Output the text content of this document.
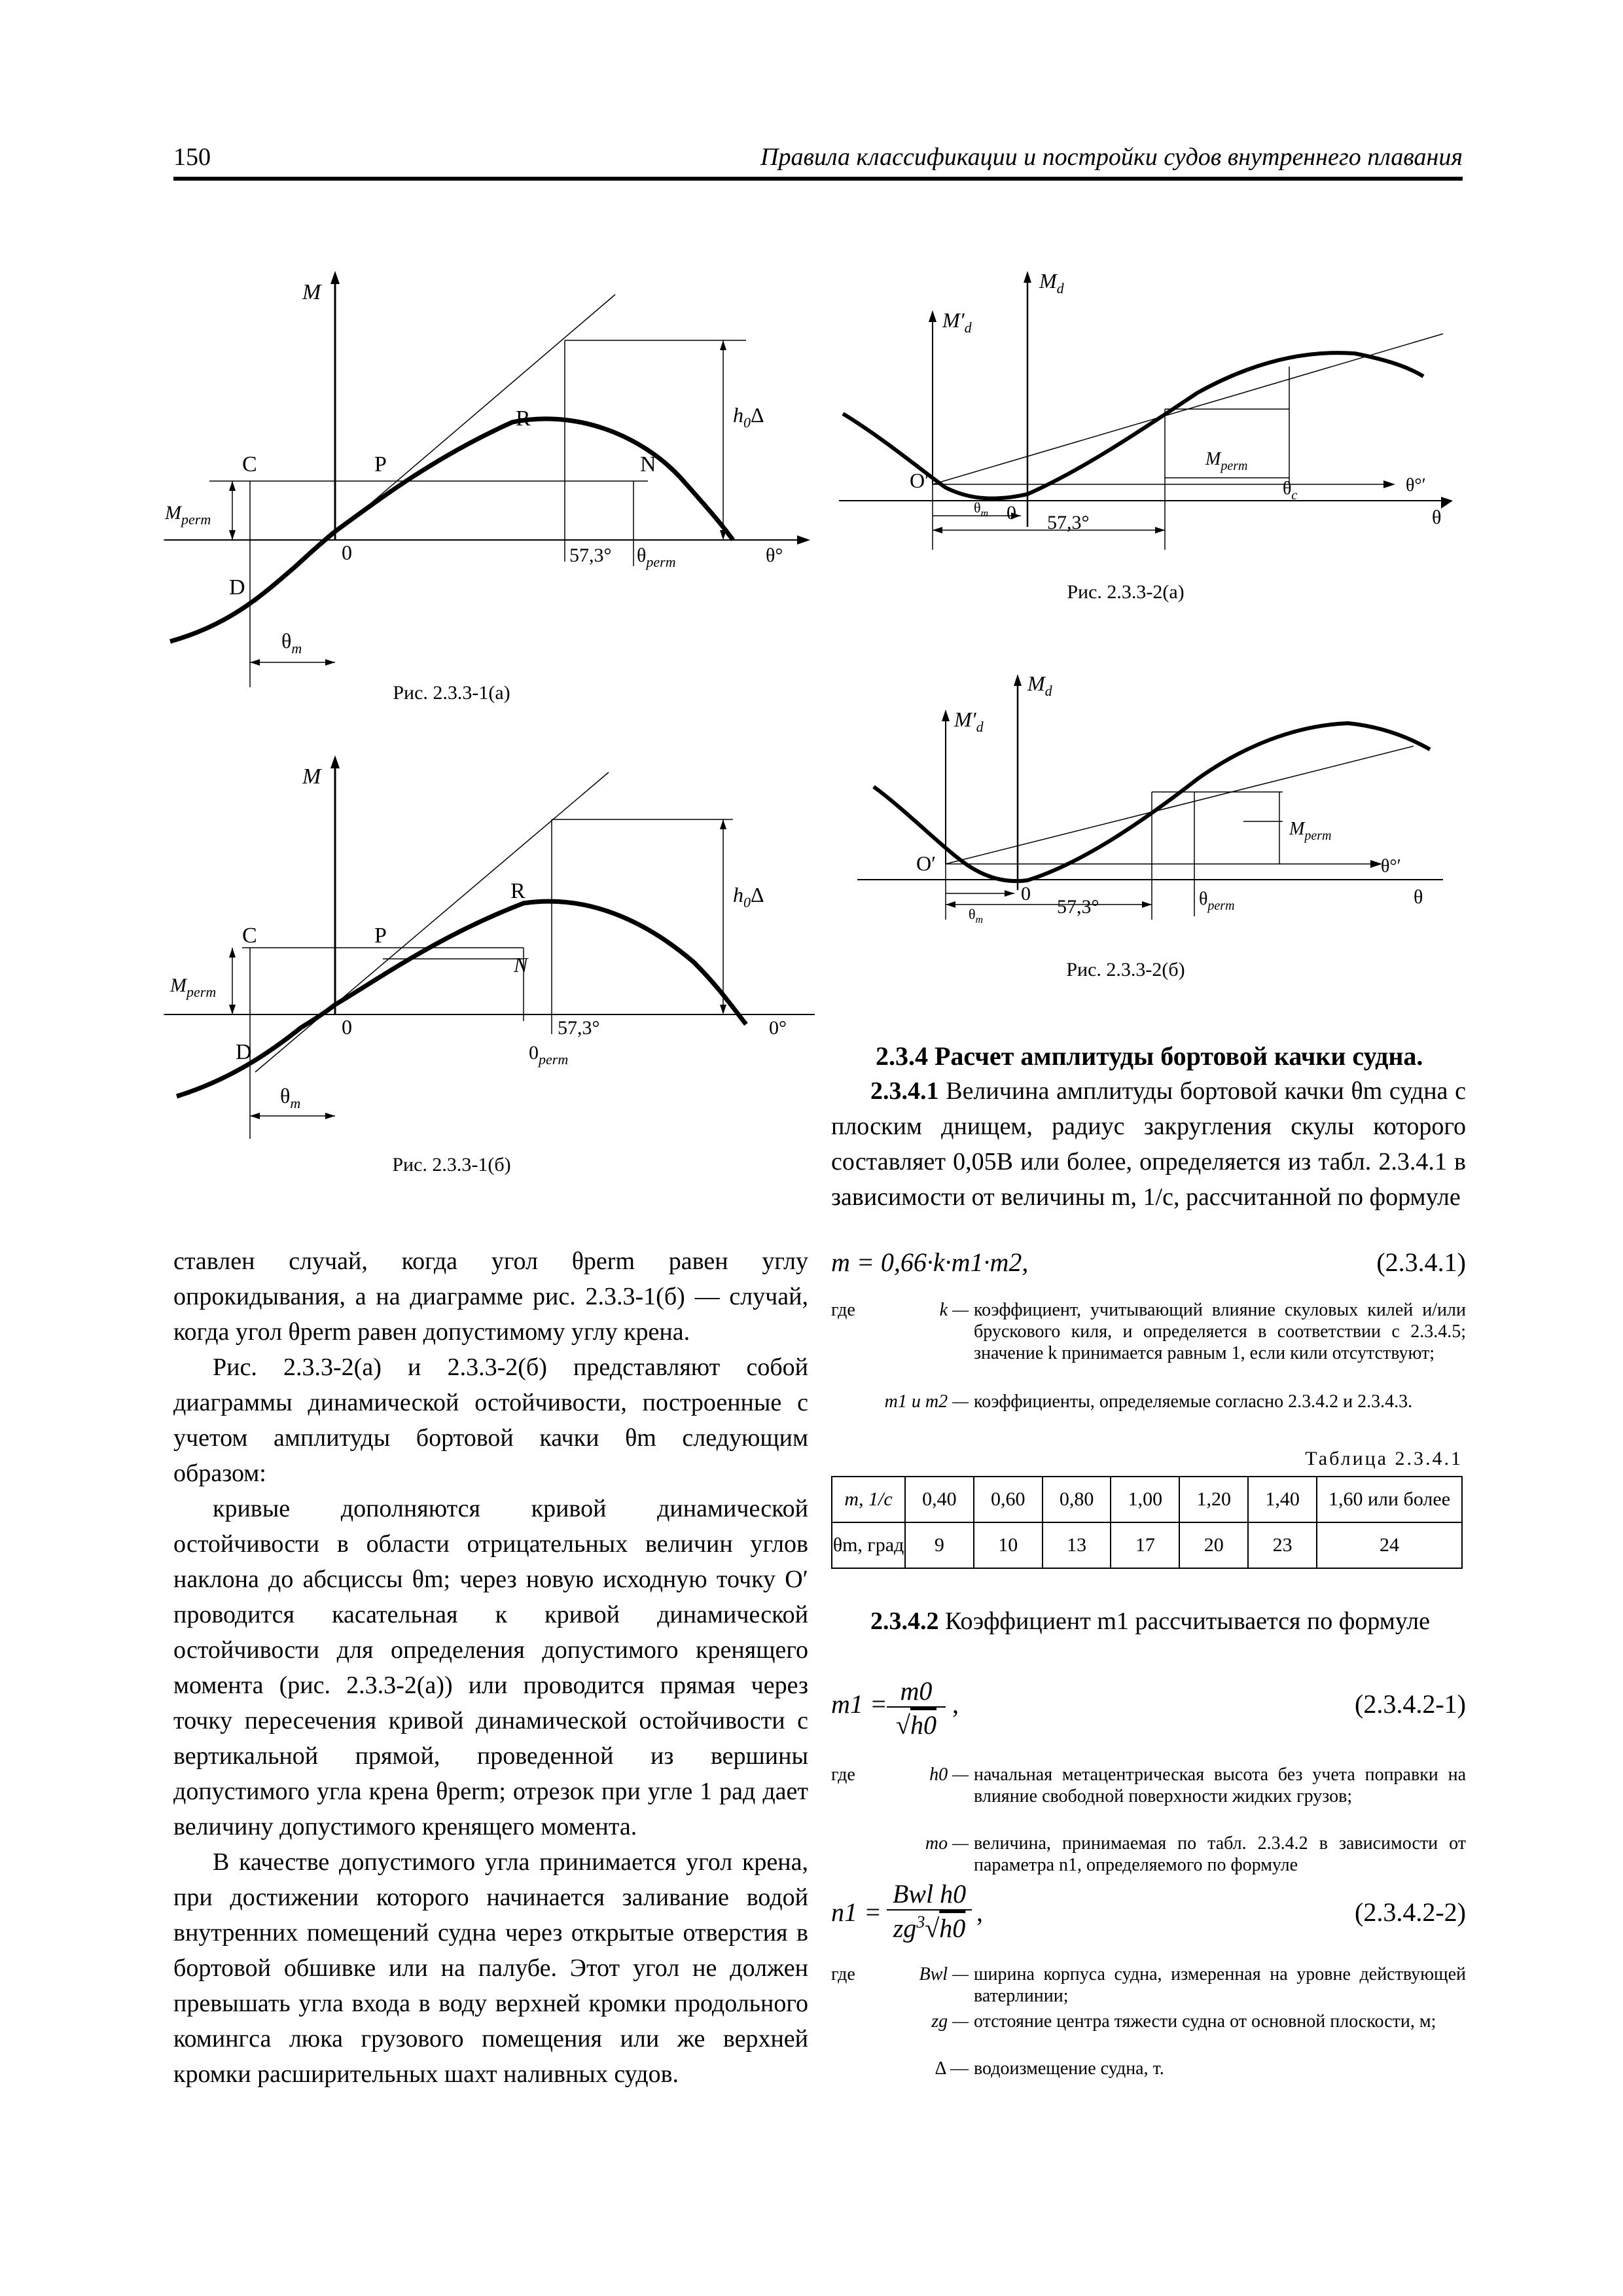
150	Правила классификации и постройки судов внутреннего плавания
M
C	P
R
N
D
0
$M_{perm}$
57,3° $\theta_{perm}$	θ°
$\theta_m$
$h_0\Delta$
Рис. 2.3.3-1(а)
M
C	P
R
N
D
0
$M_{perm}$
57,3°
$0_{perm}$
0°
$\theta_m$
$h_0\Delta$
Рис. 2.3.3-1(б)
$M_d$
$M'_d$
O′
0
$M_{perm}$
57,3°
$\theta_c$
$\theta_m$
θ°′
θ
Рис. 2.3.3-2(а)
$M_d$
$M'_d$
O′
0
$M_{perm}$
57,3°	$\theta_{perm}$
$\theta_m$
θ°′
θ
Рис. 2.3.3-2(б)

ставлен случай, когда угол θperm равен углу опрокидывания, а на диаграмме рис. 2.3.3-1(б) — случай, когда угол θperm равен допустимому углу крена.

Рис. 2.3.3-2(а) и 2.3.3-2(б) представляют собой диаграммы динамической остойчивости, построенные с учетом амплитуды бортовой качки θm следующим образом:

кривые дополняются кривой динамической остойчивости в области отрицательных величин углов наклона до абсциссы θm; через новую исходную точку O′ проводится касательная к кривой динамической остойчивости для определения допустимого кренящего момента (рис. 2.3.3-2(а)) или проводится прямая через точку пересечения кривой динамической остойчивости с вертикальной прямой, проведенной из вершины допустимого угла крена θperm; отрезок при угле 1 рад дает величину допустимого кренящего момента.

В качестве допустимого угла принимается угол крена, при достижении которого начинается заливание водой внутренних помещений судна через открытые отверстия в бортовой обшивке или на палубе. Этот угол не должен превышать угла входа в воду верхней кромки продольного комингса люка грузового помещения или же верхней кромки расширительных шахт наливных судов.

2.3.4 Расчет амплитуды бортовой качки судна.

2.3.4.1 Величина амплитуды бортовой качки θm судна с плоским днищем, радиус закругления скулы которого составляет 0,05B или более, определяется из табл. 2.3.4.1 в зависимости от величины m, 1/с, рассчитанной по формуле

m = 0,66·k·m1·m2,	(2.3.4.1)
где	k — коэффициент, учитывающий влияние скуловых килей и/или брускового киля, и определяется в соответствии с 2.3.4.5; значение k принимается равным 1, если кили отсутствуют;
m1 и m2 — коэффициенты, определяемые согласно 2.3.4.2 и 2.3.4.3.
Таблица 2.3.4.1
m, 1/с	0,40	0,60	0,80	1,00	1,20	1,40	1,60 или более
θm, град	9	10	13	17	20	23	24

2.3.4.2 Коэффициент m1 рассчитывается по формуле

m1 = m0
√h0
,	(2.3.4.2-1)
где	h0 — начальная метацентрическая высота без учета поправки на влияние свободной поверхности жидких грузов;
mo — величина, принимаемая по табл. 2.3.4.2 в зависимости от параметра n1, определяемого по формуле
n1 =
Bwl h0
$zg^3√h0$
,	(2.3.4.2-2)
где	Bwl — ширина корпуса судна, измеренная на уровне действующей ватерлинии;
zg — отстояние центра тяжести судна от основной плоскости, м;
Δ — водоизмещение судна, т.
